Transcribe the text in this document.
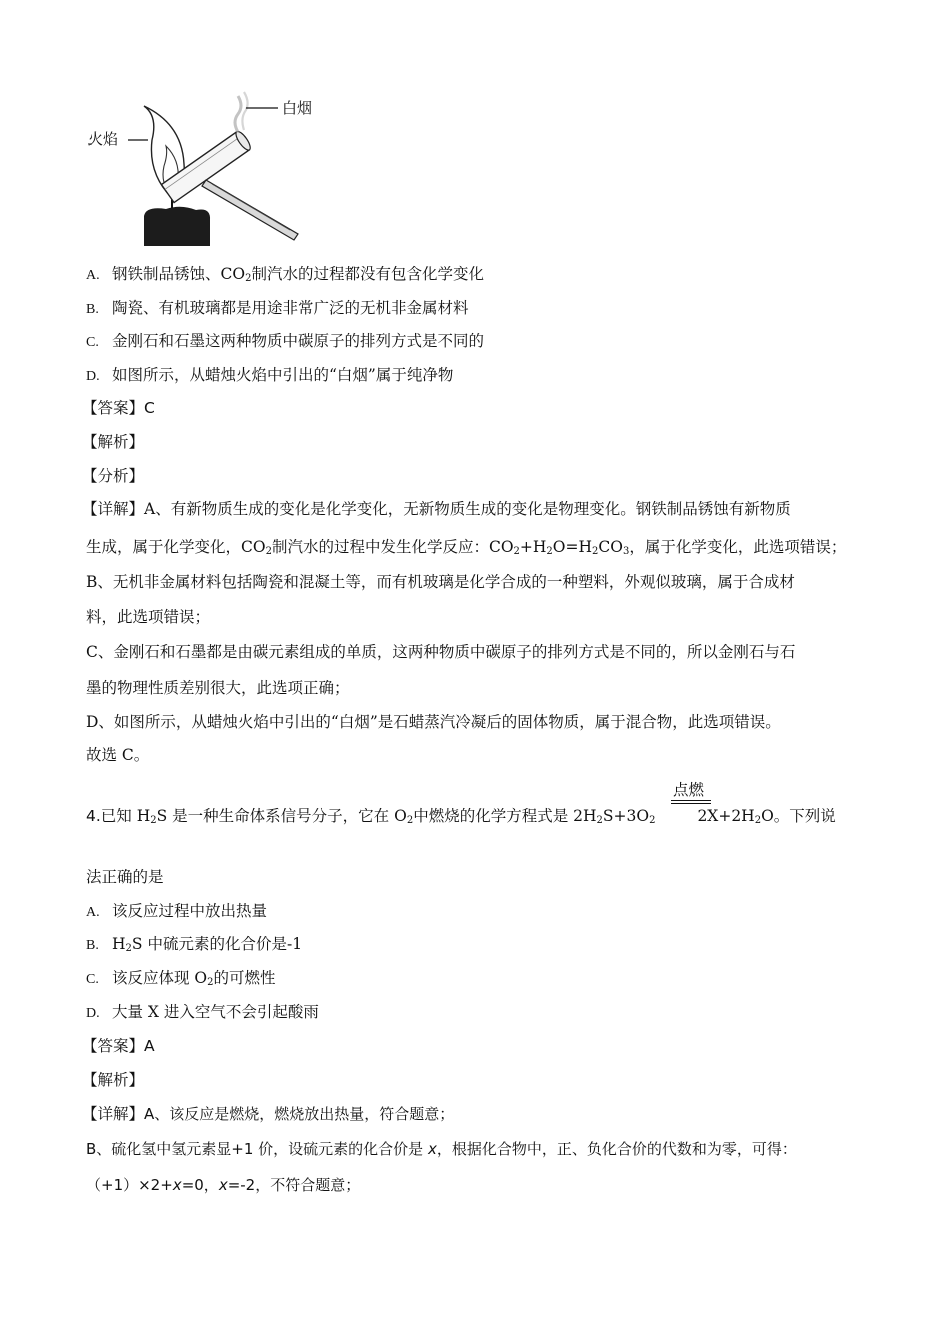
火焰
白烟
A. 钢铁制品锈蚀、$CO_2$制汽水的过程都没有包含化学变化
B. 陶瓷、有机玻璃都是用途非常广泛的无机非金属材料
C. 金刚石和石墨这两种物质中碳原子的排列方式是不同的
D. 如图所示，从蜡烛火焰中引出的“白烟”属于纯净物
【答案】C
【解析】
【分析】
【详解】A、有新物质生成的变化是化学变化，无新物质生成的变化是物理变化。钢铁制品锈蚀有新物质
生成，属于化学变化，$CO_2$制汽水的过程中发生化学反应：$CO_2+H_2O=H_2CO_3$，属于化学变化，此选项错误；
B、无机非金属材料包括陶瓷和混凝土等，而有机玻璃是化学合成的一种塑料，外观似玻璃，属于合成材
料，此选项错误；
C、金刚石和石墨都是由碳元素组成的单质，这两种物质中碳原子的排列方式是不同的，所以金刚石与石
墨的物理性质差别很大，此选项正确；
D、如图所示，从蜡烛火焰中引出的“白烟”是石蜡蒸汽冷凝后的固体物质，属于混合物，此选项错误。
故选 C。
点燃
4.已知 $H_2S$ 是一种生命体系信号分子，它在 $O_2$中燃烧的化学方程式是 $2H_2S+3O_2$	$2X+2H_2O$。下列说
法正确的是
A. 该反应过程中放出热量
B. $H_2S$ 中硫元素的化合价是-1
C. 该反应体现 $O_2$的可燃性
D. 大量 X 进入空气不会引起酸雨
【答案】A
【解析】
【详解】A、该反应是燃烧，燃烧放出热量，符合题意；
B、硫化氢中氢元素显+1 价，设硫元素的化合价是 x，根据化合物中，正、负化合价的代数和为零，可得：
（+1）×2+x=0，x=-2，不符合题意；
